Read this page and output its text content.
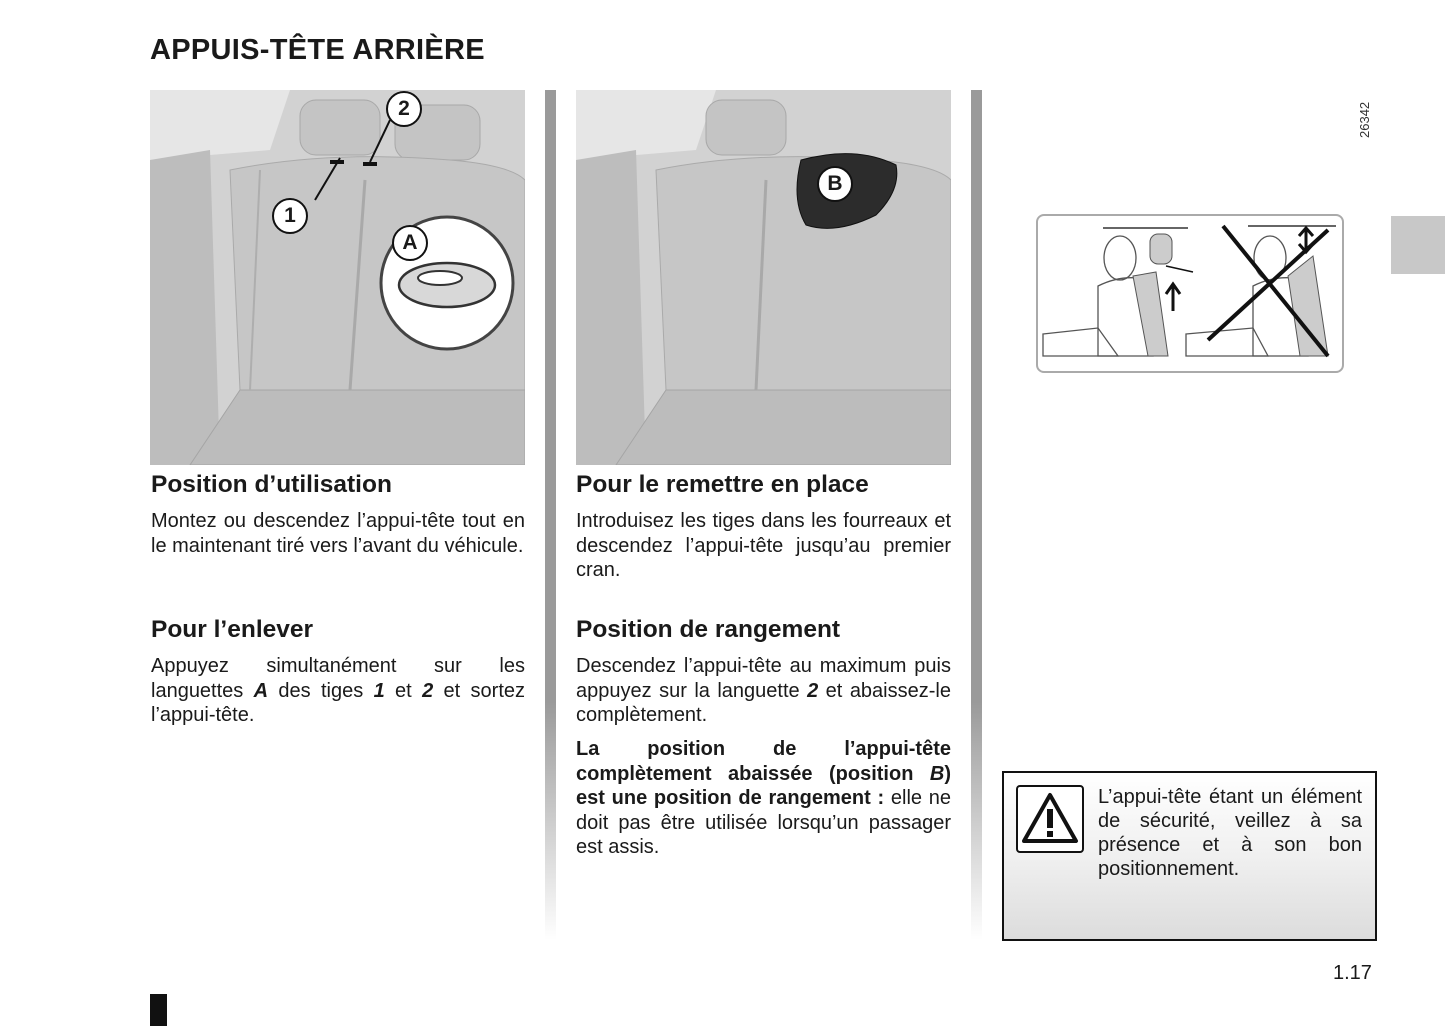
APPUIS-TÊTE ARRIÈRE
2
1
A
B
26342
Position d’utilisation

Montez ou descendez l’appui-tête tout en le maintenant tiré vers l’avant du véhicule.

Pour l’enlever

Appuyez simultanément sur les languettes A des tiges 1 et 2 et sortez l’appui-tête.

Pour le remettre en place

Introduisez les tiges dans les fourreaux et descendez l’appui-tête jusqu’au premier cran.

Position de rangement

Descendez l’appui-tête au maximum puis appuyez sur la languette 2 et abaissez-le complètement.

La position de l’appui-tête complètement abaissée (position B) est une position de rangement : elle ne doit pas être utilisée lorsqu’un passager est assis.

L’appui-tête étant un élément de sécurité, veillez à sa présence et à son bon positionnement.

1.17
